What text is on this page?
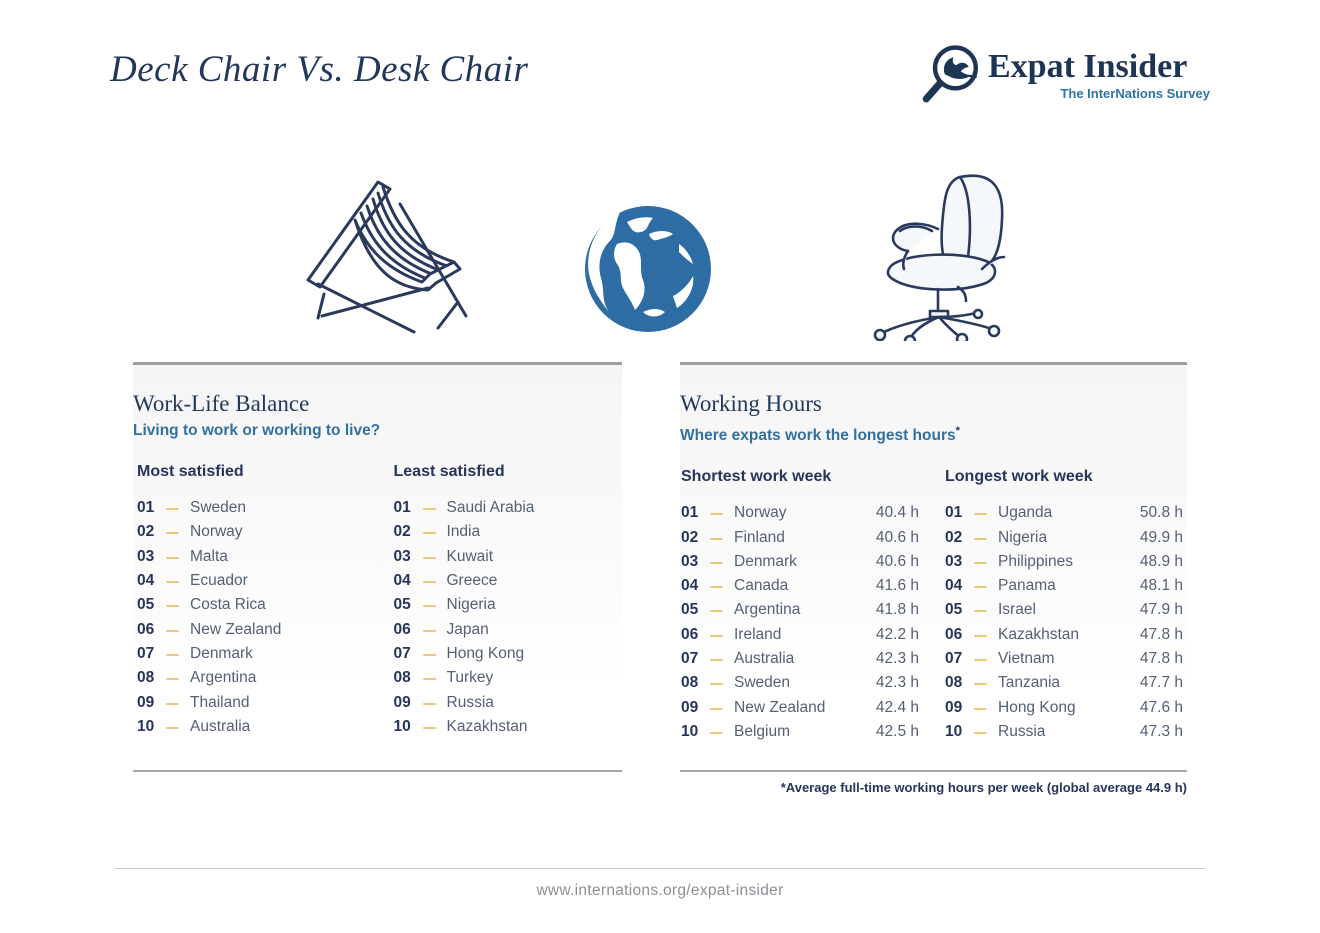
Deck Chair Vs. Desk Chair	Expat Insider
The InterNations Survey
Work-Life Balance
Living to work or working to live?
Most satisfied
01	Sweden
02	Norway
03	Malta
04	Ecuador
05	Costa Rica
06	New Zealand
07	Denmark
08	Argentina
09	Thailand
10	Australia
Least satisfied
01	Saudi Arabia
02	India
03	Kuwait
04	Greece
05	Nigeria
06	Japan
07	Hong Kong
08	Turkey
09	Russia
10	Kazakhstan
Working Hours
Where expats work the longest hours*
Shortest work week
01	Norway	40.4 h
02	Finland	40.6 h
03	Denmark	40.6 h
04	Canada	41.6 h
05	Argentina	41.8 h
06	Ireland	42.2 h
07	Australia	42.3 h
08	Sweden	42.3 h
09	New Zealand	42.4 h
10	Belgium	42.5 h
Longest work week
01	Uganda	50.8 h
02	Nigeria	49.9 h
03	Philippines	48.9 h
04	Panama	48.1 h
05	Israel	47.9 h
06	Kazakhstan	47.8 h
07	Vietnam	47.8 h
08	Tanzania	47.7 h
09	Hong Kong	47.6 h
10	Russia	47.3 h
*Average full-time working hours per week (global average 44.9 h)
www.internations.org/expat-insider
